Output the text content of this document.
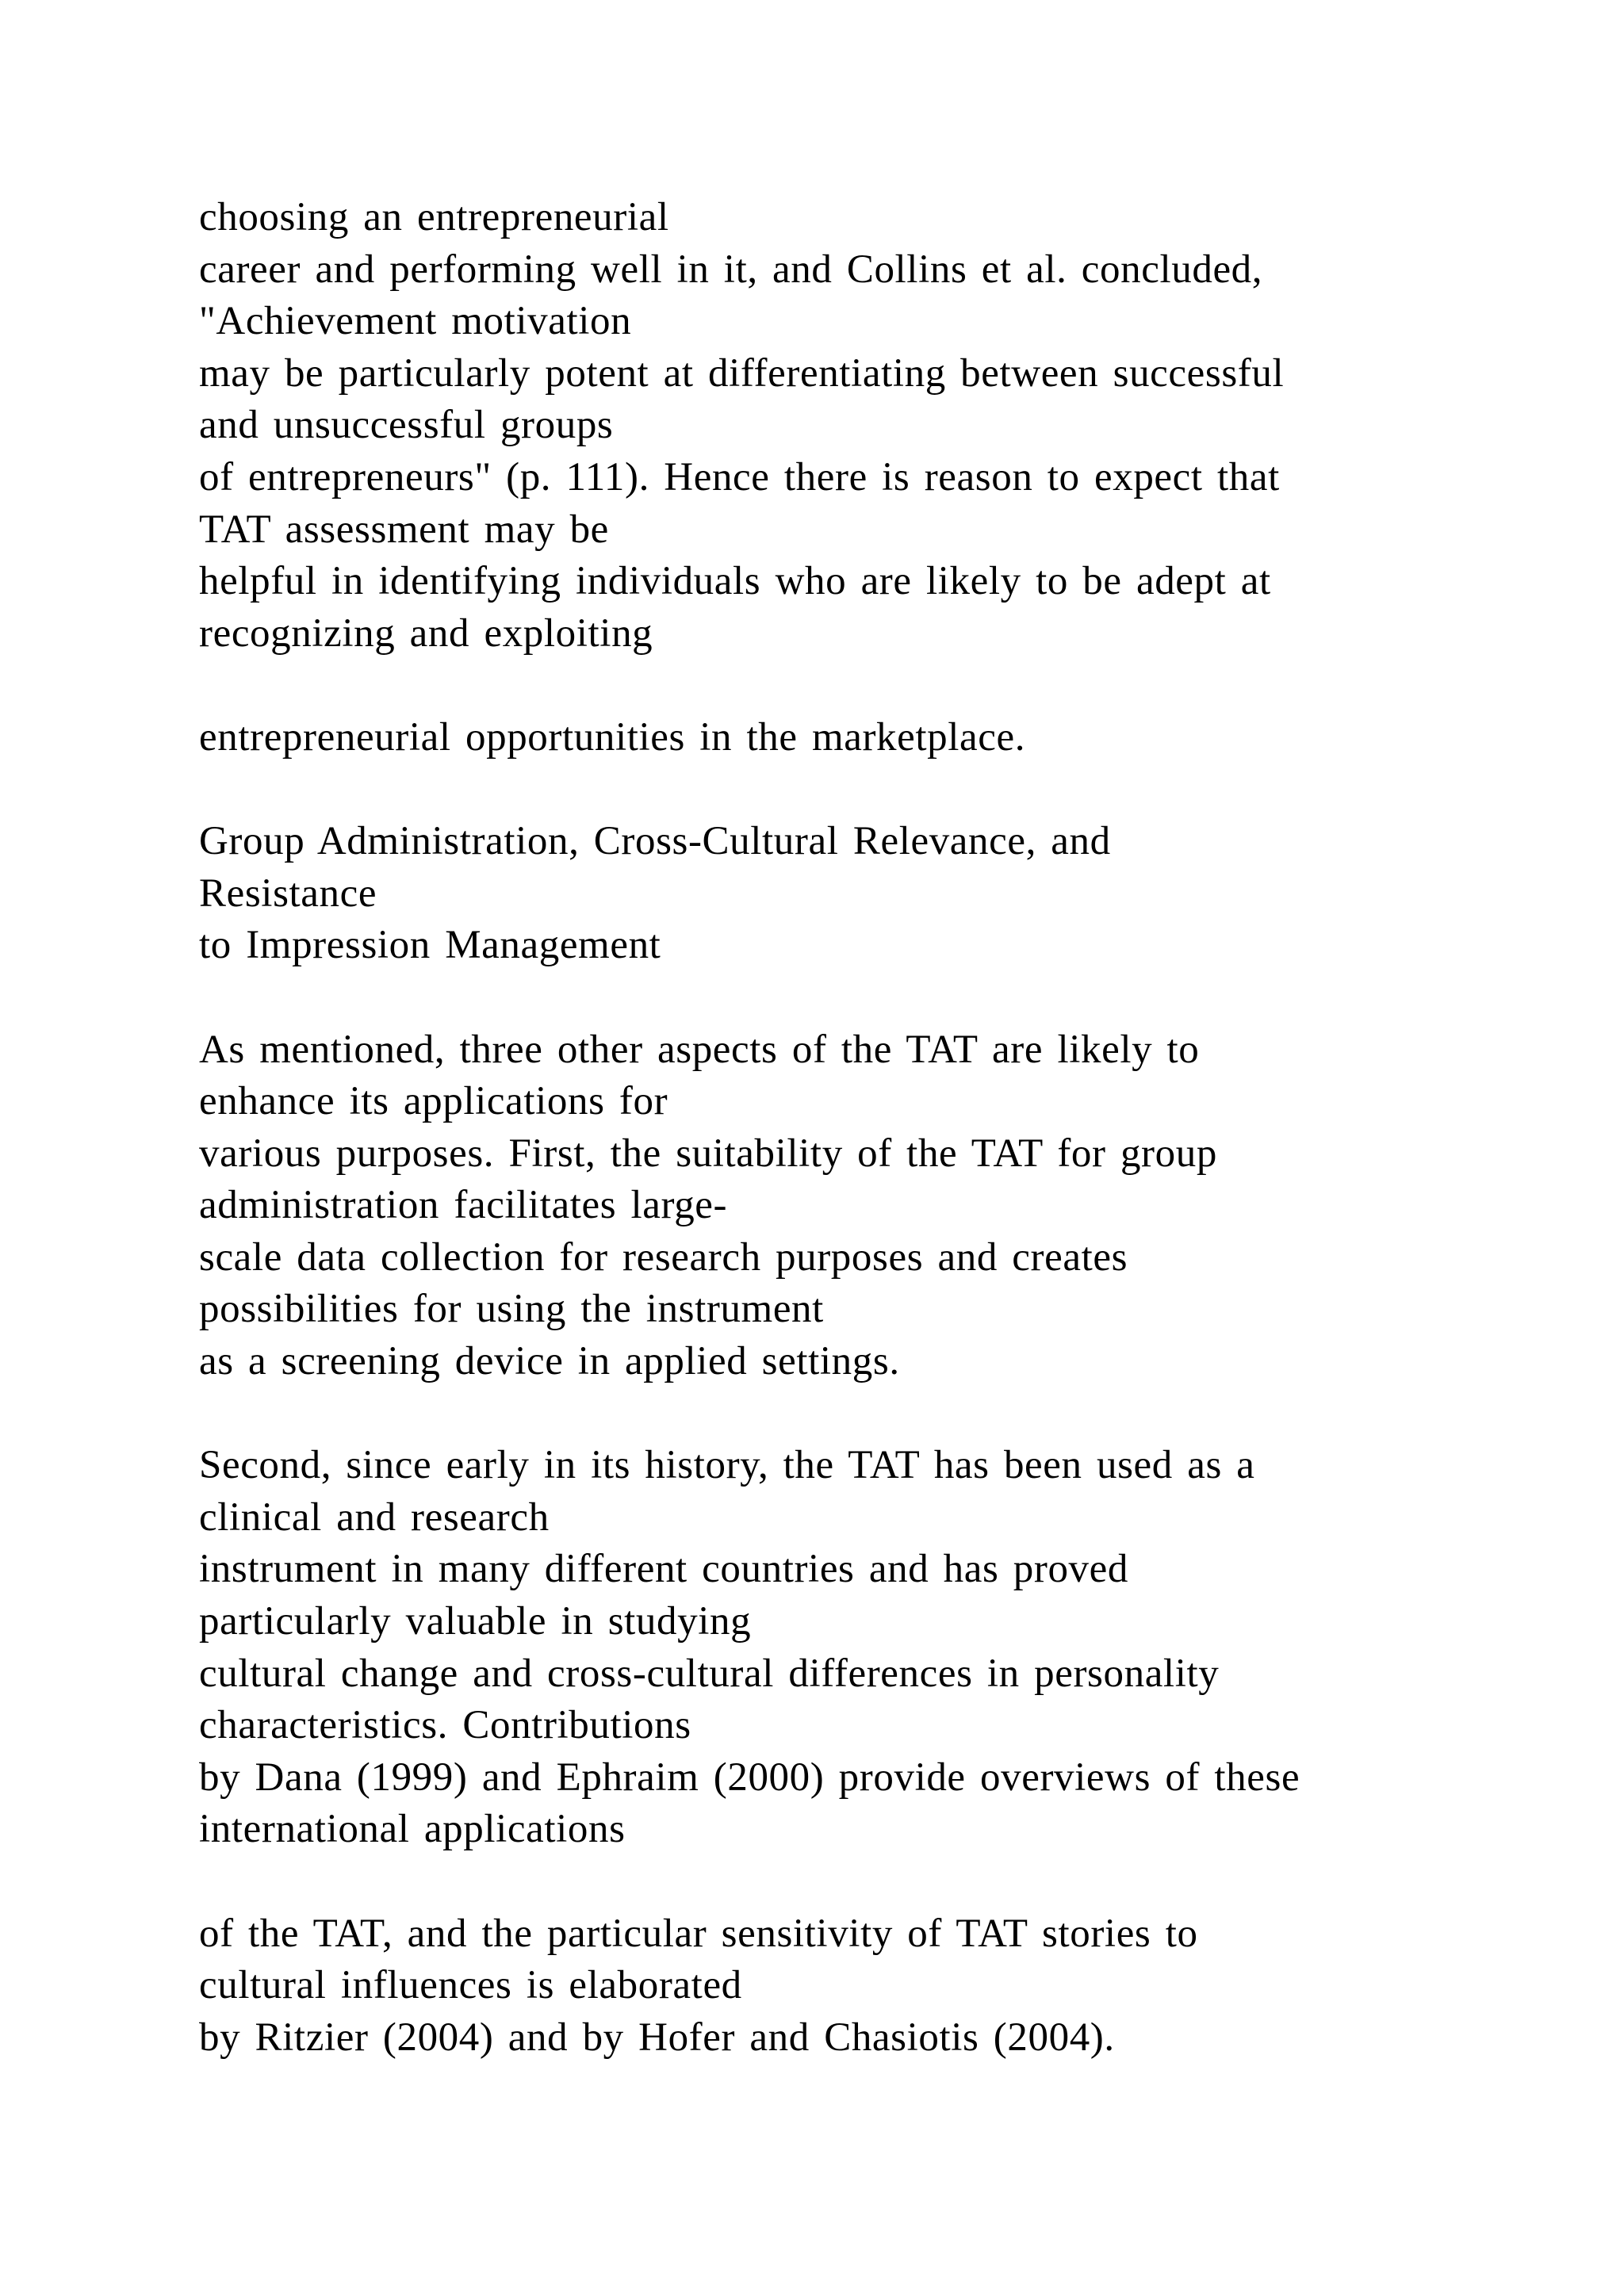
choosing an entrepreneurial
career and performing well in it, and Collins et al. concluded,
"Achievement motivation
may be particularly potent at differentiating between successful
and unsuccessful groups
of entrepreneurs" (p. 111). Hence there is reason to expect that
TAT assessment may be
helpful in identifying individuals who are likely to be adept at
recognizing and exploiting
entrepreneurial opportunities in the marketplace.
Group Administration, Cross-Cultural Relevance, and
Resistance
to Impression Management
As mentioned, three other aspects of the TAT are likely to
enhance its applications for
various purposes. First, the suitability of the TAT for group
administration facilitates large-
scale data collection for research purposes and creates
possibilities for using the instrument
as a screening device in applied settings.
Second, since early in its history, the TAT has been used as a
clinical and research
instrument in many different countries and has proved
particularly valuable in studying
cultural change and cross-cultural differences in personality
characteristics. Contributions
by Dana (1999) and Ephraim (2000) provide overviews of these
international applications
of the TAT, and the particular sensitivity of TAT stories to
cultural influences is elaborated
by Ritzier (2004) and by Hofer and Chasiotis (2004).
